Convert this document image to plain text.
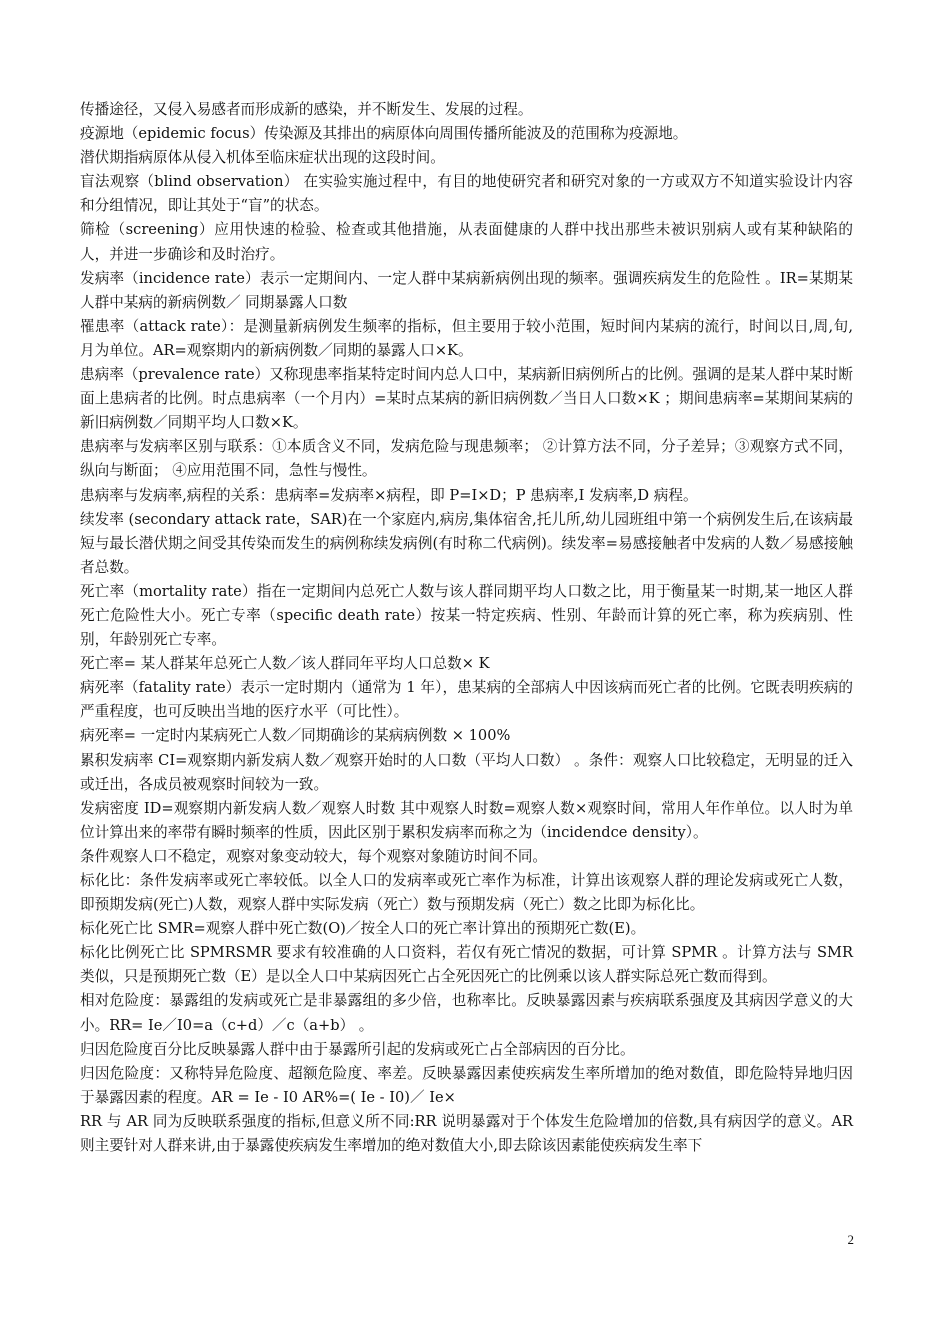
传播途径，又侵入易感者而形成新的感染，并不断发生、发展的过程。

疫源地（epidemic focus）传染源及其排出的病原体向周围传播所能波及的范围称为疫源地。

潜伏期指病原体从侵入机体至临床症状出现的这段时间。

盲法观察（blind observation） 在实验实施过程中，有目的地使研究者和研究对象的一方或双方不知道实验设计内容和分组情况，即让其处于“盲”的状态。

筛检（screening）应用快速的检验、检查或其他措施，从表面健康的人群中找出那些未被识别病人或有某种缺陷的人，并进一步确诊和及时治疗。

发病率（incidence rate）表示一定期间内、一定人群中某病新病例出现的频率。强调疾病发生的危险性 。IR=某期某人群中某病的新病例数／ 同期暴露人口数

罹患率（attack rate）：是测量新病例发生频率的指标，但主要用于较小范围，短时间内某病的流行，时间以日,周,旬,月为单位。AR=观察期内的新病例数／同期的暴露人口×K。

患病率（prevalence rate）又称现患率指某特定时间内总人口中，某病新旧病例所占的比例。强调的是某人群中某时断面上患病者的比例。时点患病率（一个月内）=某时点某病的新旧病例数／当日人口数×K ；期间患病率=某期间某病的新旧病例数／同期平均人口数×K。

患病率与发病率区别与联系：①本质含义不同，发病危险与现患频率； ②计算方法不同，分子差异；③观察方式不同，纵向与断面； ④应用范围不同，急性与慢性。

患病率与发病率,病程的关系：患病率=发病率×病程，即 P=I×D；P 患病率,I 发病率,D 病程。

续发率 (secondary attack rate，SAR)在一个家庭内,病房,集体宿舍,托儿所,幼儿园班组中第一个病例发生后,在该病最短与最长潜伏期之间受其传染而发生的病例称续发病例(有时称二代病例)。续发率=易感接触者中发病的人数／易感接触者总数。

死亡率（mortality rate）指在一定期间内总死亡人数与该人群同期平均人口数之比，用于衡量某一时期,某一地区人群死亡危险性大小。死亡专率（specific death rate）按某一特定疾病、性别、年龄而计算的死亡率，称为疾病别、性别，年龄别死亡专率。

死亡率= 某人群某年总死亡人数／该人群同年平均人口总数× K

病死率（fatality rate）表示一定时期内（通常为 1 年），患某病的全部病人中因该病而死亡者的比例。它既表明疾病的严重程度，也可反映出当地的医疗水平（可比性）。

病死率= 一定时内某病死亡人数／同期确诊的某病病例数 × 100%

累积发病率 CI=观察期内新发病人数／观察开始时的人口数（平均人口数） 。条件：观察人口比较稳定，无明显的迁入或迁出，各成员被观察时间较为一致。

发病密度 ID=观察期内新发病人数／观察人时数 其中观察人时数=观察人数×观察时间，常用人年作单位。以人时为单位计算出来的率带有瞬时频率的性质，因此区别于累积发病率而称之为（incidendce density）。

条件观察人口不稳定，观察对象变动较大，每个观察对象随访时间不同。

标化比：条件发病率或死亡率较低。以全人口的发病率或死亡率作为标准，计算出该观察人群的理论发病或死亡人数，即预期发病(死亡)人数，观察人群中实际发病（死亡）数与预期发病（死亡）数之比即为标化比。

标化死亡比 SMR=观察人群中死亡数(O)／按全人口的死亡率计算出的预期死亡数(E)。

标化比例死亡比 SPMRSMR 要求有较准确的人口资料，若仅有死亡情况的数据，可计算 SPMR 。计算方法与 SMR 类似，只是预期死亡数（E）是以全人口中某病因死亡占全死因死亡的比例乘以该人群实际总死亡数而得到。

相对危险度：暴露组的发病或死亡是非暴露组的多少倍，也称率比。反映暴露因素与疾病联系强度及其病因学意义的大小。RR= Ie／I0=a（c+d）／c（a+b） 。

归因危险度百分比反映暴露人群中由于暴露所引起的发病或死亡占全部病因的百分比。

归因危险度：又称特异危险度、超额危险度、率差。反映暴露因素使疾病发生率所增加的绝对数值，即危险特异地归因于暴露因素的程度。AR = Ie - I0 AR%=( Ie - I0)／ Ie×

RR 与 AR 同为反映联系强度的指标,但意义所不同:RR 说明暴露对于个体发生危险增加的倍数,具有病因学的意义。AR 则主要针对人群来讲,由于暴露使疾病发生率增加的绝对数值大小,即去除该因素能使疾病发生率下

2
